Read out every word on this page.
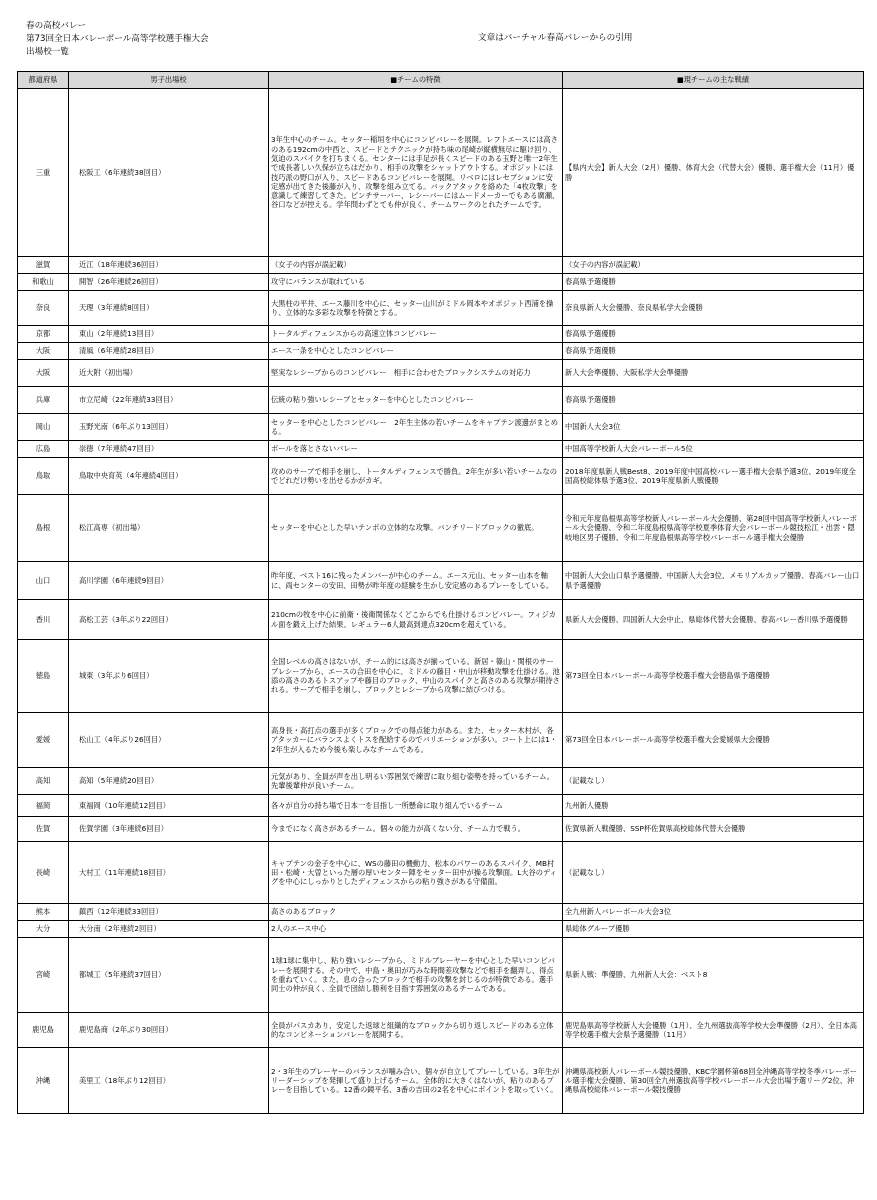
春の高校バレー
第73回全日本バレーボール高等学校選手権大会
出場校一覧
文章はバーチャル春高バレーからの引用
都道府県	男子出場校	■チームの特徴	■現チームの主な戦績
三重	松阪工（6年連続38回目）	3年生中心のチーム。セッター稲垣を中心にコンビバレーを展開。レフトエースには高さのある192cmの中西と、スピードとテクニックが持ち味の尾崎が縦横無尽に駆け回り、気迫のスパイクを打ちまくる。センターには手足が長くスピードのある玉野と唯一2年生で成長著しい久保が立ちはだかり、相手の攻撃をシャットアウトする。オポジットには技巧派の野口が入り、スピードあるコンビバレーを展開。リベロにはレセプションに安定感が出てきた後藤が入り、攻撃を組み立てる。バックアタックを絡めた「4枚攻撃」を意識して練習してきた。ピンチサーバー、レシーバーにはムードメーカーでもある廣瀬、谷口などが控える。学年問わずとても仲が良く、チームワークのとれたチームです。	【県内大会】新人大会（2月）優勝、体育大会（代替大会）優勝、選手権大会（11月）優勝
滋賀	近江（18年連続36回目）	（女子の内容が誤記載）	（女子の内容が誤記載）
和歌山	開智（26年連続26回目）	攻守にバランスが取れている	春高県予選優勝
奈良	天理（3年連続8回目）	大黒柱の平井、エース藤川を中心に、セッター山川がミドル岡本やオポジット西浦を操り、立体的な多彩な攻撃を特徴とする。	奈良県新人大会優勝、奈良県私学大会優勝
京都	東山（2年連続13回目）	トータルディフェンスからの高速立体コンビバレー	春高県予選優勝
大阪	清風（6年連続28回目）	エース一条を中心としたコンビバレー	春高県予選優勝
大阪	近大附（初出場）	堅実なレシーブからのコンビバレー　相手に合わせたブロックシステムの対応力	新人大会準優勝、大阪私学大会準優勝
兵庫	市立尼崎（22年連続33回目）	伝統の粘り強いレシーブとセッターを中心としたコンビバレー	春高県予選優勝
岡山	玉野光南（6年ぶり13回目）	セッターを中心としたコンビバレー　2年生主体の若いチームをキャプテン渡邊がまとめる。	中国新人大会3位
広島	崇徳（7年連続47回目）	ボールを落とさないバレー	中国高等学校新人大会バレーボール5位
鳥取	鳥取中央育英（4年連続4回目）	攻めのサーブで相手を崩し、トータルディフェンスで勝負。2年生が多い若いチームなのでどれだけ勢いを出せるかがカギ。	2018年度県新人戦Best8、2019年度中国高校バレー選手権大会県予選3位、2019年度全国高校総体県予選3位、2019年度県新人戦優勝
島根	松江高専（初出場）	セッターを中心とした早いテンポの立体的な攻撃。バンチリードブロックの徹底。	令和元年度島根県高等学校新人バレーボール大会優勝、第28回中国高等学校新人バレーボール大会優勝、令和二年度島根県高等学校夏季体育大会バレーボール競技松江・出雲・隠岐地区男子優勝、令和二年度島根県高等学校バレーボール選手権大会優勝
山口	高川学園（6年連続9回目）	昨年度、ベスト16に残ったメンバーが中心のチーム。エース元山、セッター山本を軸に、両センターの安田、田勢が昨年度の経験を生かし安定感のあるプレーをしている。	中国新人大会山口県予選優勝、中国新人大会3位、メモリアルカップ優勝、春高バレー山口県予選優勝
香川	高松工芸（3年ぶり22回目）	210cmの牧を中心に前衛・後衛関係なくどこからでも仕掛けるコンビバレー。フィジカル面を鍛え上げた結果、レギュラー6人最高到達点320cmを超えている。	県新人大会優勝、四国新人大会中止、県総体代替大会優勝、春高バレー香川県予選優勝
徳島	城東（3年ぶり6回目）	全国レベルの高さはないが、チーム的には高さが揃っている。新居・篠山・関根のサーブレシーブから、エースの合田を中心に、ミドルの藤目・中山が移動攻撃を仕掛ける。池添の高さのあるトスアップや藤目のブロック、中山のスパイクと高さのある攻撃が期待される。サーブで相手を崩し、ブロックとレシーブから攻撃に結びつける。	第73回全日本バレーボール高等学校選手権大会徳島県予選優勝
愛媛	松山工（4年ぶり26回目）	高身長・高打点の選手が多くブロックでの得点能力がある。また、セッター木村が、各アタッカーにバランスよくトスを配給するのでバリエーションが多い。コート上には1・2年生が入るため今後も楽しみなチームである。	第73回全日本バレーボール高等学校選手権大会愛媛県大会優勝
高知	高知（5年連続20回目）	元気があり、全員が声を出し明るい雰囲気で練習に取り組む姿勢を持っているチーム。先輩後輩仲が良いチーム。	（記載なし）
福岡	東福岡（10年連続12回目）	各々が自分の持ち場で日本一を目指し一所懸命に取り組んでいるチーム	九州新人優勝
佐賀	佐賀学園（3年連続6回目）	今までになく高さがあるチーム。個々の能力が高くない分、チーム力で戦う。	佐賀県新人戦優勝、SSP杯佐賀県高校総体代替大会優勝
長崎	大村工（11年連続18回目）	キャプテンの金子を中心に、WSの藤田の機動力、松本のパワーのあるスパイク、MB村田・松崎・大曽といった層の厚いセンター陣をセッター田中が操る攻撃面。L大谷のディグを中心にしっかりとしたディフェンスからの粘り強さがある守備面。	（記載なし）
熊本	鎮西（12年連続33回目）	高さのあるブロック	全九州新人バレーボール大会3位
大分	大分南（2年連続2回目）	2人のエース中心	県総体グループ優勝
宮崎	都城工（5年連続37回目）	1球1球に集中し、粘り強いレシーブから、ミドルブレーヤーを中心とした早いコンビバレーを展開する。その中で、中島・奥田が巧みな時間差攻撃などで相手を翻弄し、得点を重ねていく。また、息の合ったブロックで相手の攻撃を封じるのが特徴である。選手同士の仲が良く、全員で団結し勝利を目指す雰囲気のあるチームである。	県新人戦：準優勝、九州新人大会：ベスト8
鹿児島	鹿児島商（2年ぶり30回目）	全員がパスカあり、安定した返球と組織的なブロックから切り返しスピードのある立体的なコンビネーションバレーを展開する。	鹿児島県高等学校新人大会優勝（1月）、全九州選抜高等学校大会準優勝（2月）、全日本高等学校選手権大会県予選優勝（11月）
沖縄	美里工（18年ぶり12回目）	2・3年生のプレーヤーのバランスが噛み合い、個々が自立してプレーしている。3年生がリーダーシップを発揮して盛り上げるチーム。全体的に大きくはないが、粘りのあるプレーを目指している。12番の鏡平名、3番の吉田の2名を中心にポイントを取っていく。	沖縄県高校新人バレーボール競技優勝、KBC学園杯第68回全沖縄高等学校冬季バレーボール選手権大会優勝、第30回全九州選抜高等学校バレーボール大会出場予選リーグ2位、沖縄県高校総体バレーボール競技優勝
